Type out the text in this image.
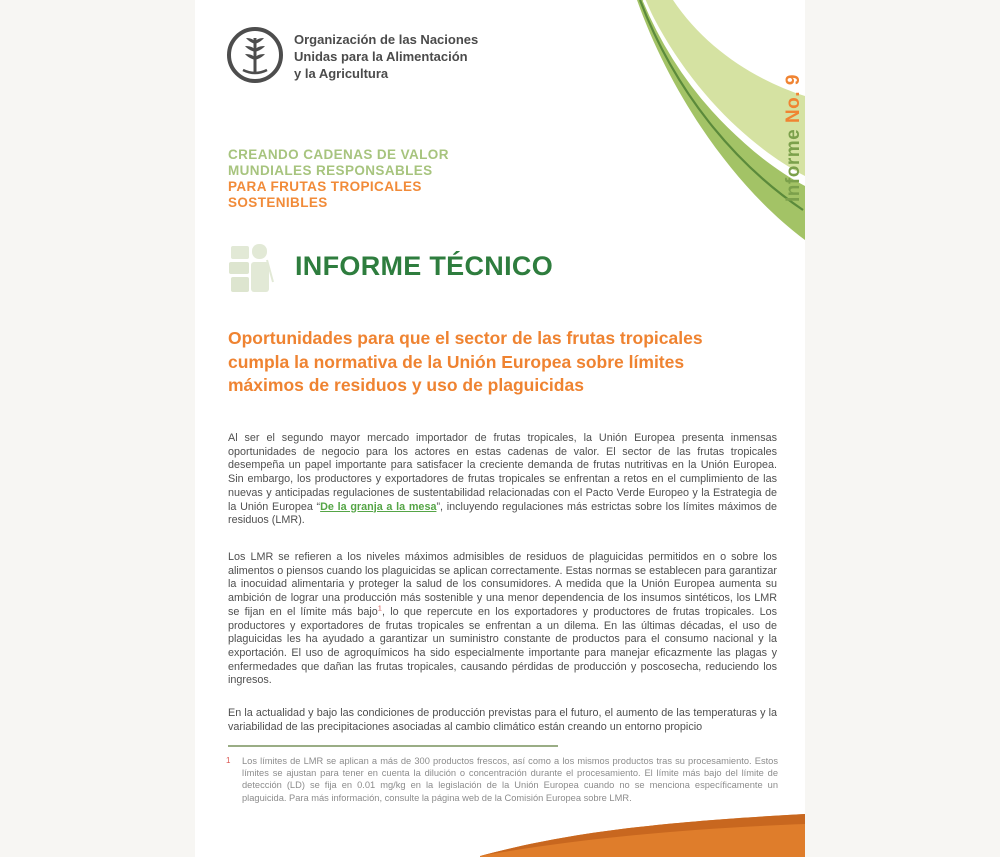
Informe No. 9
Organización de las Naciones
Unidas para la Alimentación
y la Agricultura
CREANDO CADENAS DE VALOR
MUNDIALES RESPONSABLES
PARA FRUTAS TROPICALES
SOSTENIBLES
INFORME TÉCNICO
Oportunidades para que el sector de las frutas tropicales
cumpla la normativa de la Unión Europea sobre límites
máximos de residuos y uso de plaguicidas
Al ser el segundo mayor mercado importador de frutas tropicales, la Unión Europea presenta inmensas oportunidades de negocio para los actores en estas cadenas de valor. El sector de las frutas tropicales desempeña un papel importante para satisfacer la creciente demanda de frutas nutritivas en la Unión Europea. Sin embargo, los productores y exportadores de frutas tropicales se enfrentan a retos en el cumplimiento de las nuevas y anticipadas regulaciones de sustentabilidad relacionadas con el Pacto Verde Europeo y la Estrategia de la Unión Europea “De la granja a la mesa”, incluyendo regulaciones más estrictas sobre los límites máximos de residuos (LMR).
Los LMR se refieren a los niveles máximos admisibles de residuos de plaguicidas permitidos en o sobre los alimentos o piensos cuando los plaguicidas se aplican correctamente. Estas normas se establecen para garantizar la inocuidad alimentaria y proteger la salud de los consumidores. A medida que la Unión Europea aumenta su ambición de lograr una producción más sostenible y una menor dependencia de los insumos sintéticos, los LMR se fijan en el límite más bajo$^1$, lo que repercute en los exportadores y productores de frutas tropicales. Los productores y exportadores de frutas tropicales se enfrentan a un dilema. En las últimas décadas, el uso de plaguicidas les ha ayudado a garantizar un suministro constante de productos para el consumo nacional y la exportación. El uso de agroquímicos ha sido especialmente importante para manejar eficazmente las plagas y enfermedades que dañan las frutas tropicales, causando pérdidas de producción y poscosecha, reduciendo los ingresos.
En la actualidad y bajo las condiciones de producción previstas para el futuro, el aumento de las temperaturas y la variabilidad de las precipitaciones asociadas al cambio climático están creando un entorno propicio
1	Los límites de LMR se aplican a más de 300 productos frescos, así como a los mismos productos tras su procesamiento. Estos límites se ajustan para tener en cuenta la dilución o concentración durante el procesamiento. El límite más bajo del límite de detección (LD) se fija en 0.01 mg/kg en la legislación de la Unión Europea cuando no se menciona específicamente un plaguicida. Para más información, consulte la página web de la Comisión Europea sobre LMR.
